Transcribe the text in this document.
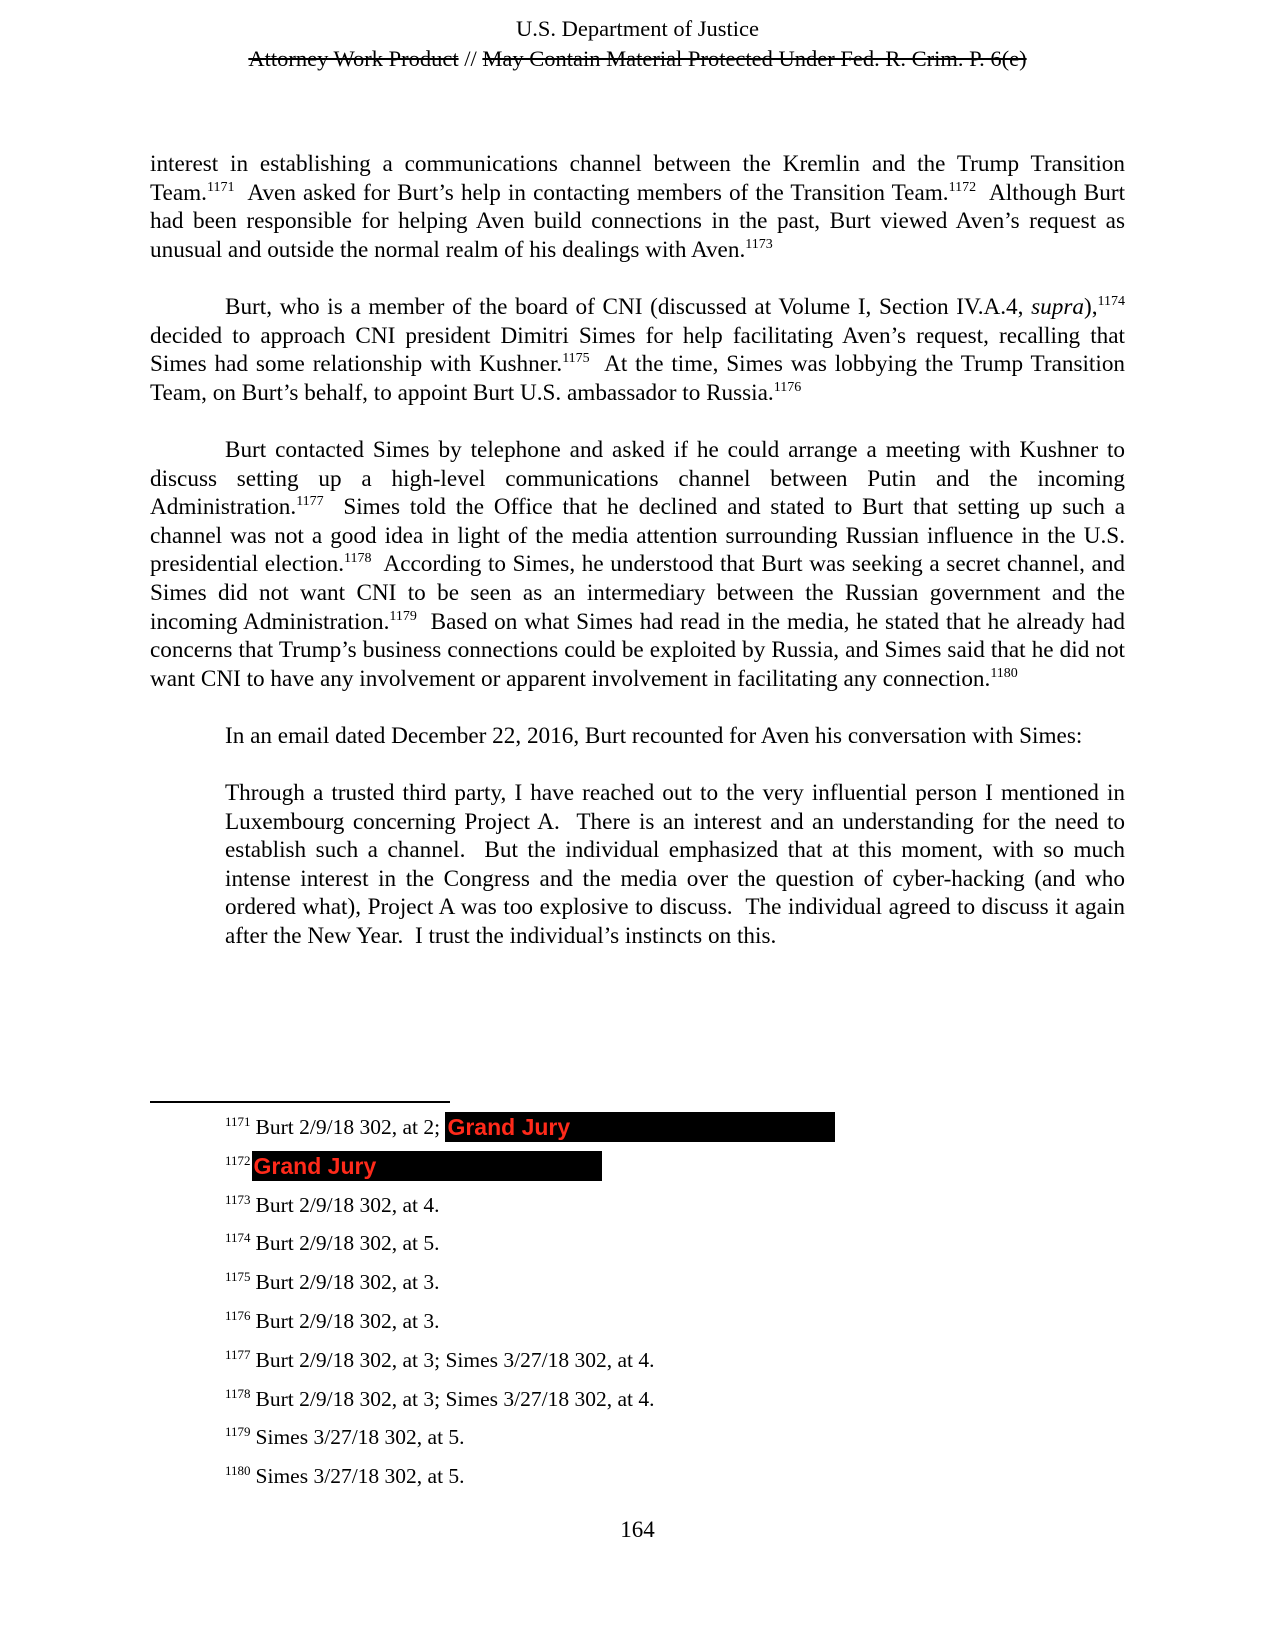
U.S. Department of Justice
Attorney Work Product // May Contain Material Protected Under Fed. R. Crim. P. 6(e)

interest in establishing a communications channel between the Kremlin and the Trump Transition Team.$^{1171}$  Aven asked for Burt’s help in contacting members of the Transition Team.$^{1172}$  Although Burt had been responsible for helping Aven build connections in the past, Burt viewed Aven’s request as unusual and outside the normal realm of his dealings with Aven.$^{1173}$

Burt, who is a member of the board of CNI (discussed at Volume I, Section IV.A.4, supra),$^{1174}$ decided to approach CNI president Dimitri Simes for help facilitating Aven’s request, recalling that Simes had some relationship with Kushner.$^{1175}$  At the time, Simes was lobbying the Trump Transition Team, on Burt’s behalf, to appoint Burt U.S. ambassador to Russia.$^{1176}$

Burt contacted Simes by telephone and asked if he could arrange a meeting with Kushner to discuss setting up a high-level communications channel between Putin and the incoming Administration.$^{1177}$  Simes told the Office that he declined and stated to Burt that setting up such a channel was not a good idea in light of the media attention surrounding Russian influence in the U.S. presidential election.$^{1178}$  According to Simes, he understood that Burt was seeking a secret channel, and Simes did not want CNI to be seen as an intermediary between the Russian government and the incoming Administration.$^{1179}$  Based on what Simes had read in the media, he stated that he already had concerns that Trump’s business connections could be exploited by Russia, and Simes said that he did not want CNI to have any involvement or apparent involvement in facilitating any connection.$^{1180}$

In an email dated December 22, 2016, Burt recounted for Aven his conversation with Simes:

Through a trusted third party, I have reached out to the very influential person I mentioned in Luxembourg concerning Project A.  There is an interest and an understanding for the need to establish such a channel.  But the individual emphasized that at this moment, with so much intense interest in the Congress and the media over the question of cyber-hacking (and who ordered what), Project A was too explosive to discuss.  The individual agreed to discuss it again after the New Year.  I trust the individual’s instincts on this.

$^{1171}$ Burt 2/9/18 302, at 2; Grand Jury
$^{1172}$ Grand Jury
$^{1173}$ Burt 2/9/18 302, at 4.
$^{1174}$ Burt 2/9/18 302, at 5.
$^{1175}$ Burt 2/9/18 302, at 3.
$^{1176}$ Burt 2/9/18 302, at 3.
$^{1177}$ Burt 2/9/18 302, at 3; Simes 3/27/18 302, at 4.
$^{1178}$ Burt 2/9/18 302, at 3; Simes 3/27/18 302, at 4.
$^{1179}$ Simes 3/27/18 302, at 5.
$^{1180}$ Simes 3/27/18 302, at 5.
164
